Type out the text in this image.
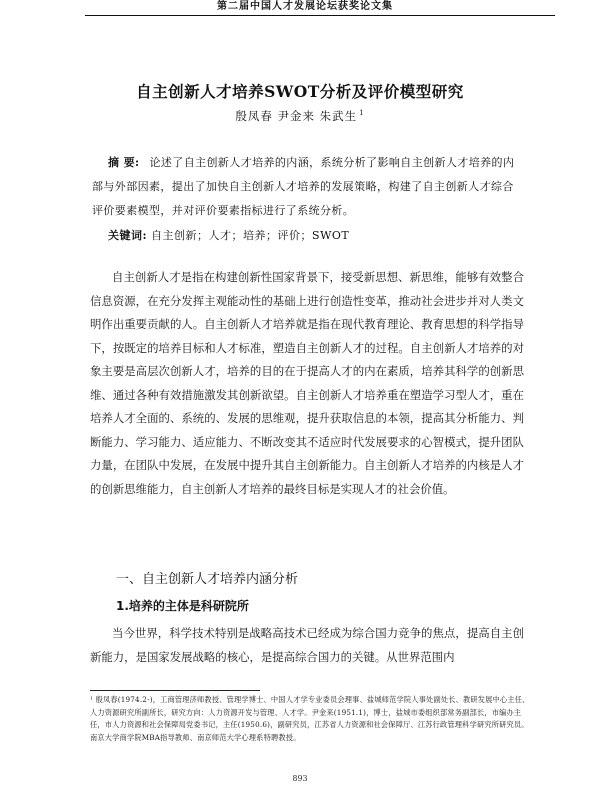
第二届中国人才发展论坛获奖论文集
自主创新人才培养SWOT分析及评价模型研究
殷凤春 尹金来 朱武生 $^1$
摘 要: 论述了自主创新人才培养的内涵，系统分析了影响自主创新人才培养的内部与外部因素，提出了加快自主创新人才培养的发展策略，构建了自主创新人才综合评价要素模型，并对评价要素指标进行了系统分析。
关键词: 自主创新；人才；培养；评价；SWOT
自主创新人才是指在构建创新性国家背景下，接受新思想、新思维，能够有效整合信息资源，在充分发挥主观能动性的基础上进行创造性变革，推动社会进步并对人类文明作出重要贡献的人。自主创新人才培养就是指在现代教育理论、教育思想的科学指导下，按既定的培养目标和人才标准，塑造自主创新人才的过程。自主创新人才培养的对象主要是高层次创新人才，培养的目的在于提高人才的内在素质，培养其科学的创新思维、通过各种有效措施激发其创新欲望。自主创新人才培养重在塑造学习型人才，重在培养人才全面的、系统的、发展的思维观，提升获取信息的本领，提高其分析能力、判断能力、学习能力、适应能力、不断改变其不适应时代发展要求的心智模式，提升团队力量，在团队中发展，在发展中提升其自主创新能力。自主创新人才培养的内核是人才的创新思维能力，自主创新人才培养的最终目标是实现人才的社会价值。
一、自主创新人才培养内涵分析
1.培养的主体是科研院所
当今世界，科学技术特别是战略高技术已经成为综合国力竞争的焦点，提高自主创新能力，是国家发展战略的核心，是提高综合国力的关键。从世界范围内
¹ 殷凤春(1974.2-)，工商管理济师教授、管理学博士、中国人才学专业委员会理事、盐城师范学院人事处副处长、教研发展中心主任、人力资源研究所副所长，研究方向：人力资源开发与管理、人才学。尹金来(1951.1)，博士，盐城市委组织部常务副部长，市编办主任，市人力资源和社会保障局党委书记，主任(1950.6)，副研究员，江苏省人力资源和社会保障厅、江苏行政管理科学研究所研究员。南京大学商学院MBA指导教师、南京师范大学心理系特聘教授。
893
